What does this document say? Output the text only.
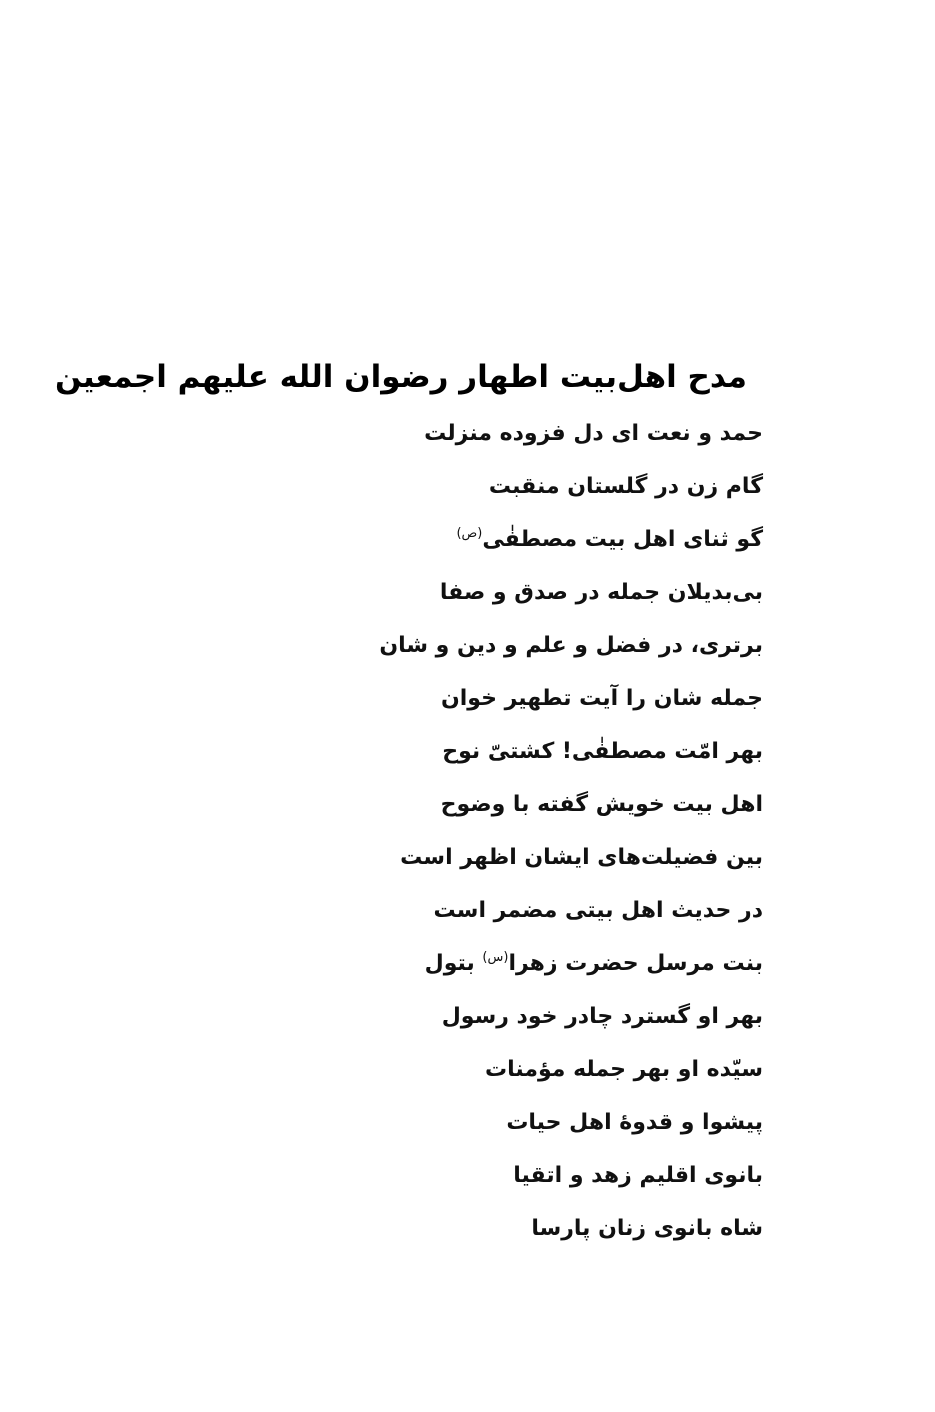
مدح اهل‌بیت اطهار رضوان الله علیهم اجمعین
حمد و نعت ای دل فزوده منزلت
گام زن در گلستان منقبت
گو ثنای اهل بیت مصطفٰی$^{(ص)}$
بی‌بدیلان جمله در صدق و صفا
برتری، در فضل و علم و دین و شان
جمله شان را آیت تطهیر خوان
بهر امّت مصطفٰی! کشتیّ نوح
اهل بیت خویش گفته با وضوح
بین فضیلت‌های ایشان اظهر است
در حدیث اهل بیتی مضمر است
بنت مرسل حضرت زهرا$^{(س)}$ بتول
بهر او گسترد چادر خود رسول
سیّده او بهر جمله مؤمنات
پیشوا و قدوهٔ اهل حیات
بانوی اقلیم زهد و اتقیا
شاه بانوی زنان پارسا
